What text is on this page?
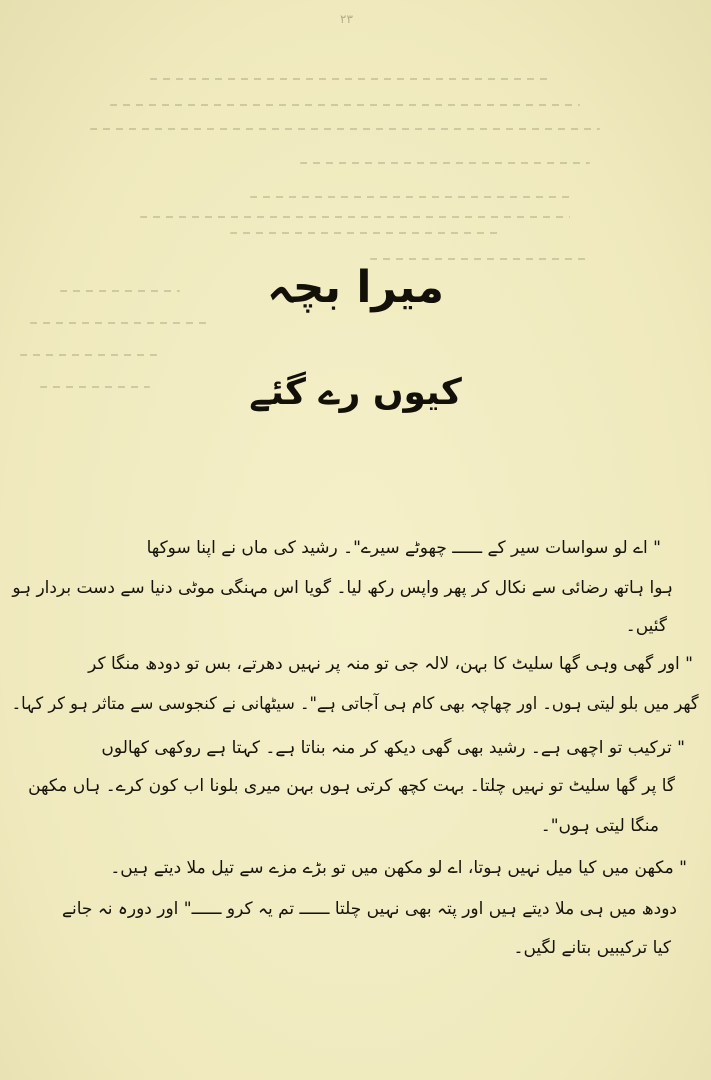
۲۳
میرا بچہ
کیوں رے گئے
" اے لو سواسات سیر کے ــــــ چھوٹے سیرے"۔ رشید کی ماں نے اپنا سوکھا
ہوا ہاتھ رضائی سے نکال کر پھر واپس رکھ لیا۔ گویا اس مہنگی موٹی دنیا سے دست بردار ہو
گئیں۔
" اور گھی وہی گھا سلیٹ کا بہن، لالہ جی تو منہ پر نہیں دھرتے، بس تو دودھ منگا کر
گھر میں بلو لیتی ہوں۔ اور چھاچہ بھی کام ہی آجاتی ہے"۔ سیٹھانی نے کنجوسی سے متاثر ہو کر کہا۔
" ترکیب تو اچھی ہے۔ رشید بھی گھی دیکھ کر منہ بناتا ہے۔ کہتا ہے روکھی کھالوں
گا پر گھا سلیٹ تو نہیں چلتا۔ بہت کچھ کرتی ہوں بہن میری بلونا اب کون کرے۔ ہاں مکھن
منگا لیتی ہوں"۔
" مکھن میں کیا میل نہیں ہوتا، اے لو مکھن میں تو بڑے مزے سے تیل ملا دیتے ہیں۔
دودھ میں ہی ملا دیتے ہیں اور پتہ بھی نہیں چلتا ــــــ تم یہ کرو ــــــ" اور دورہ نہ جانے
کیا ترکیبیں بتانے لگیں۔
